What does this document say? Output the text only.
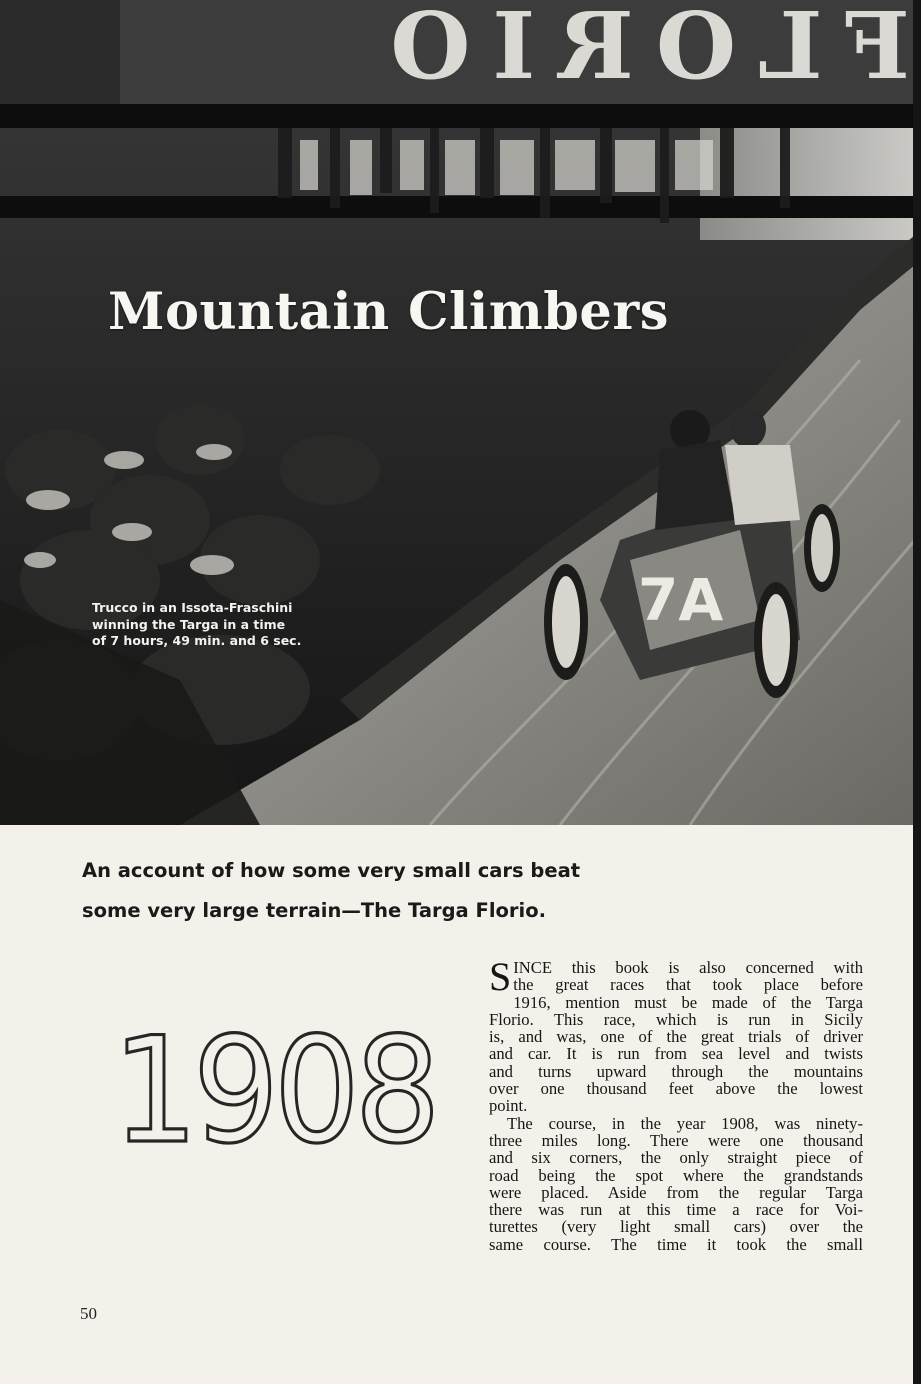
7A
FLORIO
Mountain Climbers
Trucco in an Issota-Fraschini
winning the Targa in a time
of 7 hours, 49 min. and 6 sec.
An account of how some very small cars beat
some very large terrain—The Targa Florio.
1908
S INCE this book is also concerned with
the great races that took place before
1916, mention must be made of the Targa
Florio. This race, which is run in Sicily
is, and was, one of the great trials of driver
and car. It is run from sea level and twists
and turns upward through the mountains
over one thousand feet above the lowest
point.
The course, in the year 1908, was ninety-
three miles long. There were one thousand
and six corners, the only straight piece of
road being the spot where the grandstands
were placed. Aside from the regular Targa
there was run at this time a race for Voi-
turettes (very light small cars) over the
same course. The time it took the small
50
